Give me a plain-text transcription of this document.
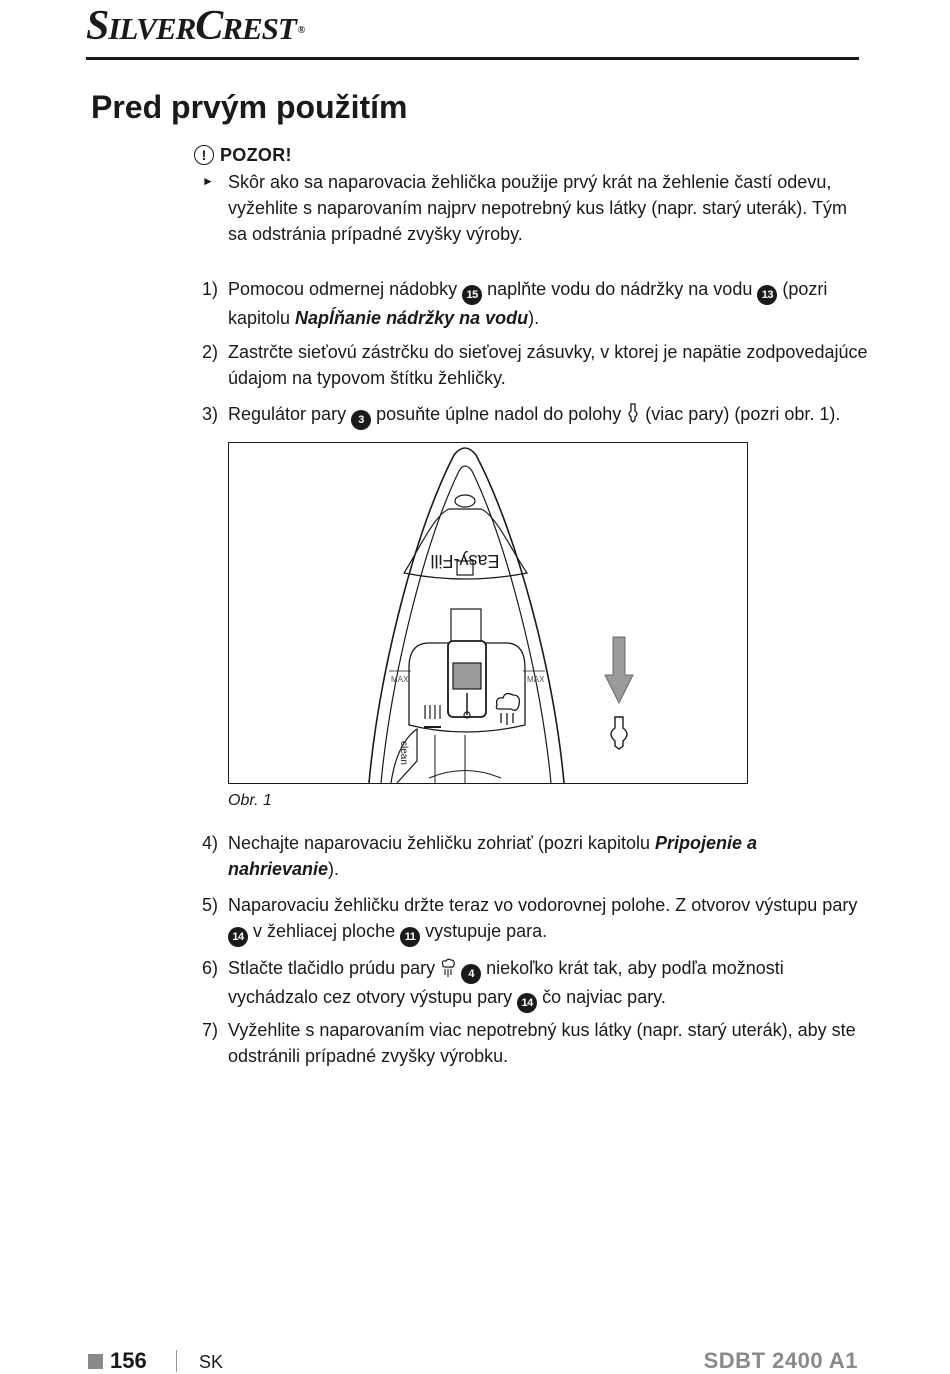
SILVERCREST ®
Pred prvým použitím
! POZOR!
► Skôr ako sa naparovacia žehlička použije prvý krát na žehlenie častí odevu, vyžehlite s naparovaním najprv nepotrebný kus látky (napr. starý uterák). Tým sa odstránia prípadné zvyšky výroby.
1) Pomocou odmernej nádobky 15 naplňte vodu do nádržky na vodu 13 (pozri kapitolu Napĺňanie nádržky na vodu).
2) Zastrčte sieťovú zástrčku do sieťovej zásuvky, v ktorej je napätie zodpovedajúce údajom na typovom štítku žehličky.
3) Regulátor pary 3 posuňte úplne nadol do polohy  (viac pary) (pozri obr. 1).
Easy-Fill
MAX	MAX
clean
Obr. 1
4) Nechajte naparovaciu žehličku zohriať (pozri kapitolu Pripojenie a nahrievanie).
5) Naparovaciu žehličku držte teraz vo vodorovnej polohe. Z otvorov výstupu pary 14 v žehliacej ploche 11 vystupuje para.
6) Stlačte tlačidlo prúdu pary	4 niekoľko krát tak, aby podľa možnosti vychádzalo cez otvory výstupu pary 14 čo najviac pary.
7) Vyžehlite s naparovaním viac nepotrebný kus látky (napr. starý uterák), aby ste odstránili prípadné zvyšky výrobku.
156	SK	SDBT 2400 A1
